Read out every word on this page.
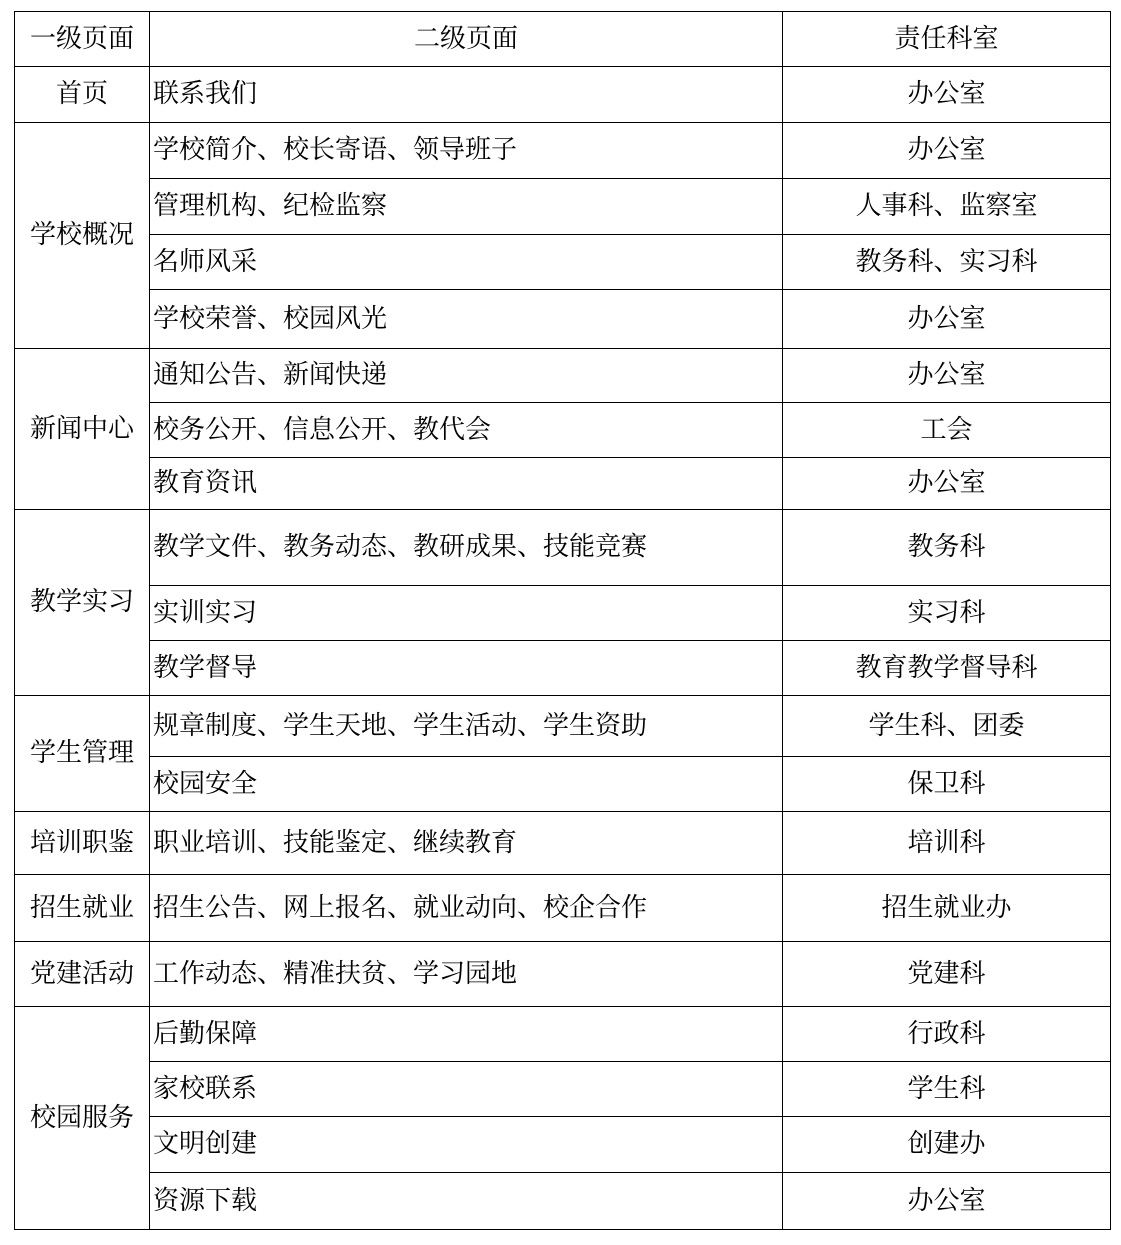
一级页面	二级页面	责任科室
首页	联系我们	办公室
学校概况	学校简介、校长寄语、领导班子	办公室
	管理机构、纪检监察	人事科、监察室
	名师风采	教务科、实习科
	学校荣誉、校园风光	办公室
新闻中心	通知公告、新闻快递	办公室
	校务公开、信息公开、教代会	工会
	教育资讯	办公室
教学实习	教学文件、教务动态、教研成果、技能竞赛	教务科
	实训实习	实习科
	教学督导	教育教学督导科
学生管理	规章制度、学生天地、学生活动、学生资助	学生科、团委
	校园安全	保卫科
培训职鉴	职业培训、技能鉴定、继续教育	培训科
招生就业	招生公告、网上报名、就业动向、校企合作	招生就业办
党建活动	工作动态、精准扶贫、学习园地	党建科
校园服务	后勤保障	行政科
	家校联系	学生科
	文明创建	创建办
	资源下载	办公室
